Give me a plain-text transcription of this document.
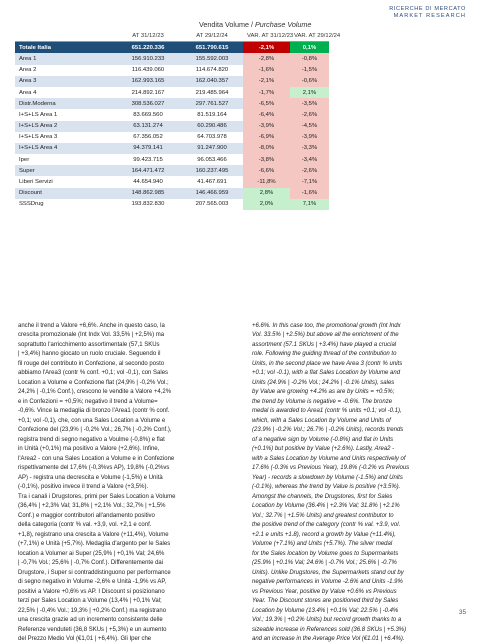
RICERCHE DI MERCATO
MARKET RESEARCH
Vendita Volume / Purchase Volume
	AT 31/12/23	AT 29/12/24	VAR. AT 31/12/23	VAR. AT 29/12/24
Totale Italia	651.220.336	651.790.615	-2,1%	0,1%
Area 1	156.910.233	155.592.003	-2,8%	-0,8%
Area 2	116.439.060	114.674.820	-1,6%	-1,5%
Area 3	162.993.165	162.040.357	-2,1%	-0,6%
Area 4	214.892.167	219.485.964	-1,7%	2,1%
Distr.Moderna	308.536.027	297.761.527	-6,5%	-3,5%
I+S+LS Area 1	83.669.560	81.519.164	-6,4%	-2,6%
I+S+LS Area 2	63.131.274	60.290.486	-3,9%	-4,5%
I+S+LS Area 3	67.356.052	64.703.978	-6,9%	-3,9%
I+S+LS Area 4	94.379.141	91.247.900	-8,0%	-3,3%
Iper	99.423.715	96.053.466	-3,8%	-3,4%
Super	164.471.472	160.237.495	-6,6%	-2,6%
Liberi Servizi	44.654.940	41.467.691	-11,8%	-7,1%
Discount	148.862.985	146.466.959	2,8%	-1,6%
SSSDrug	193.832.830	207.565.003	2,0%	7,1%
anche il trend a Valore +6,6%. Anche in questo caso, la
crescita promozionale (Int Indx Vol. 33,5% | +2,5%) ma
soprattutto l'arricchimento assortimentale (57,1 SKUs
| +3,4%) hanno giocato un ruolo cruciale. Seguendo il
fil rouge del contributo in Confezione, al secondo posto
abbiamo l'Area3 (contr % conf. +0,1; vol -0,1), con Sales
Location a Volume e Confezione flat (24,9% | -0,2% Vol.;
24,2% | -0,1% Conf.), crescono le vendite a Valore +4,2%
e in Confezioni = +0,5%; negativo il trend a Volume=
-0,6%. Vince la medaglia di bronzo l'Area1 (contr % conf.
+0,1; vol -0,1), che, con una Sales Location a Volume e
Confezione del (23,9% | -0,2% Vol.; 26,7% | -0,2% Conf.),
registra trend di segno negativo a Voulme (-0,8%) e flat
in Unità (+0,1%) ma positivo a Valore (+2,6%). Infine,
l'Area2 - con una Sales Location a Volume e in Confezione
rispettivamente del 17,6% (-0,3%vs AP), 19,8% (-0,2%vs
AP) - registra una decrescita e Volume (-1,5%) e Unità
(-0,1%), positivo invece il trend a Valore (+3,5%).
Tra i canali i Drugstores, primi per Sales Location a Volume
(36,4% | +2,3% Val; 31,8% | +2,1% Vol.; 32,7% | +1,5%
Conf.) e maggior contributori all'andamento positivo
della categoria (contr % val. +3,9, vol. +2,1 e conf.
+1,8), registrano una crescita a Valore (+11,4%), Volume
(+7,1%) e Unità (+5,7%). Medaglia d'argento per le Sales
location a Volumer ai Super (25,9% | +0,1% Val; 24,6%
| -0,7% Vol.; 25,6% | -0,7% Conf.). Differentemente dai
Drugstore, i Super si contraddistinguono per performance
di segno negativo in Volume -2,6% e Unità -1,9% vs AP,
positivi a Valore +0,6% vs AP. I Discount si posizionano
terzi per Sales Location a Volume (13,4% | +0,1% Val;
22,5% | -0,4% Vol.; 19,3% | +0,2% Conf.) ma registrano
una crescita grazie ad un incremento consistente delle
Referenze venduteti (36,8 SKUs | +5,3%) e un aumento
del Prezzo Medio Vol (€1,01 | +6,4%). Gli Iper che
+6.6%. In this case too, the promotional growth (Int Indx
Vol. 33.5% | +2.5%) but above all the enrichment of the
assortment (57.1 SKUs | +3.4%) have played a crucial
role. Following the guiding thread of the contribution to
Units, in the second place we have Area 3 (contr % units
+0.1; vol -0.1), with a flat Sales Location by Volume and
Units (24.9% | -0.2% Vol.; 24.2% | -0.1% Units), sales
by Value are growing +4.2% as are by Units = +0.5%;
the trend by Volume is negative = -0.6%. The bronze
medal is awarded to Area1 (contr % units +0.1; vol -0.1),
which, with a Sales Location by Volume and Units of
(23.9% | -0.2% Vol.; 26.7% | -0.2% Units), records trends
of a negative sign by Volume (-0.8%) and flat in Units
(+0.1%) but positive by Value (+2.6%). Lastly, Area2 -
with a Sales Location by Volume and Units respectively of
17.6% (-0.3% vs Previous Year), 19.8% (-0.2% vs Previous
Year) - records a slowdown by Volume (-1.5%) and Units
(-0.1%), whereas the trend by Value is positive (+3.5%).
Amongst the channels, the Drugstores, first for Sales
Location by Volume (36.4% | +2.3% Val; 31.8% | +2.1%
Vol.; 32.7% | +1.5% Units) and greatest contributor to
the positive trend of the category (contr % val. +3.9, vol.
+2.1 e units +1.8), record a growth by Value (+11.4%),
Volume (+7.1%) and Units (+5.7%). The silver medal
for the Sales location by Volume goes to Supermarkets
(25.9% | +0.1% Val; 24.6% | -0.7% Vol.; 25.6% | -0.7%
Units). Unlike Drugstores, the Supermarkets stand out by
negative performances in Volume -2.6% and Units -1.9%
vs Previous Year, positive by Value +0.6% vs Previous
Year. The Discount stores are positioned third by Sales
Location by Volume (13.4% | +0.1% Val; 22.5% | -0.4%
Vol.; 19.3% | +0.2% Units) but record growth thanks to a
sizeable increase in References sold (36.8 SKUs | +5.3%)
and an increase in the Average Price Vol (€1.01 | +6.4%).
35
